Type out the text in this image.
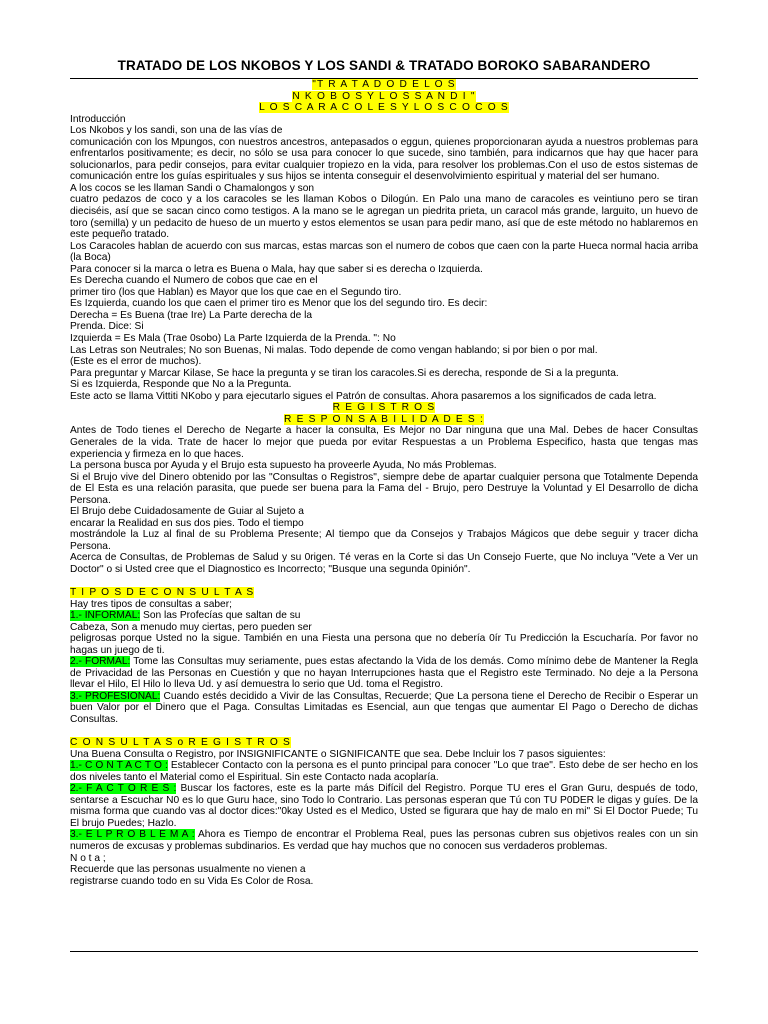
TRATADO DE LOS NKOBOS Y LOS SANDI & TRATADO BOROKO SABARANDERO

"T R A T A D O D E L O S
N K O B O S Y L O S S A N D I "
L O S C A R A C O L E S Y L O S C O C O S

Introducción

Los Nkobos y los sandi, son una de las vías de

comunicación con los Mpungos, con nuestros ancestros, antepasados o eggun, quienes proporcionaran ayuda a nuestros problemas para enfrentarlos positivamente; es decir, no sólo se usa para conocer lo que sucede, sino también, para indicarnos que hay que hacer para solucionarlos, para pedir consejos, para evitar cualquier tropiezo en la vida, para resolver los problemas.Con el uso de estos sistemas de comunicación entre los guías espirituales y sus hijos se intenta conseguir el desenvolvimiento espiritual y material del ser humano.

A los cocos se les llaman Sandi o Chamalongos y son

cuatro pedazos de coco y a los caracoles se les llaman Kobos o Dilogún. En Palo una mano de caracoles es veintiuno pero se tiran dieciséis, así que se sacan cinco como testigos. A la mano se le agregan un piedrita prieta, un caracol más grande, larguito, un huevo de toro (semilla) y un pedacito de hueso de un muerto y estos elementos se usan para pedir mano, así que de este método no hablaremos en este pequeño tratado.

Los Caracoles hablan de acuerdo con sus marcas, estas marcas son el numero de cobos que caen con la parte Hueca normal hacia arriba (la Boca)

Para conocer si la marca o letra es Buena o Mala, hay que saber si es derecha o Izquierda.

Es Derecha cuando el Numero de cobos que cae en el

primer tiro (los que Hablan) es Mayor que los que cae en el Segundo tiro.

Es Izquierda, cuando los que caen el primer tiro es Menor que los del segundo tiro. Es decir:

Derecha = Es Buena (trae Ire) La Parte derecha de la

Prenda. Dice: Si

Izquierda = Es Mala (Trae 0sobo) La Parte Izquierda de la Prenda. ": No

Las Letras son Neutrales; No son Buenas, Ni malas. Todo depende de como vengan hablando; si por bien o por mal.

(Este es el error de muchos).

Para preguntar y Marcar Kilase, Se hace la pregunta y se tiran los caracoles.Si es derecha, responde de Si a la pregunta.

Si es Izquierda, Responde que No a la Pregunta.

Este acto se llama Vittiti NKobo y para ejecutarlo sigues el Patrón de consultas. Ahora pasaremos a los significados de cada letra.

R E G I S T R O S
R E S P O N S A B I L I D A D E S :

Antes de Todo tienes el Derecho de Negarte a hacer la consulta, Es Mejor no Dar ninguna que una Mal. Debes de hacer Consultas Generales de la vida. Trate de hacer lo mejor que pueda por evitar Respuestas a un Problema Especifico, hasta que tengas mas experiencia y firmeza en lo que haces.

La persona busca por Ayuda y el Brujo esta supuesto ha proveerle Ayuda, No más Problemas.

Si el Brujo vive del Dinero obtenido por las "Consultas o Registros", siempre debe de apartar cualquier persona que Totalmente Dependa de El Esta es una relación parasita, que puede ser buena para la Fama del - Brujo, pero Destruye la Voluntad y El Desarrollo de dicha Persona.

El Brujo debe Cuidadosamente de Guiar al Sujeto a

encarar la Realidad en sus dos pies. Todo el tiempo

mostrándole la Luz al final de su Problema Presente; Al tiempo que da Consejos y Trabajos Mágicos que debe seguir y tracer dicha Persona.

Acerca de Consultas, de Problemas de Salud y su 0rigen. Té veras en la Corte si das Un Consejo Fuerte, que No incluya "Vete a Ver un Doctor" o si Usted cree que el Diagnostico es Incorrecto; "Busque una segunda 0pinión".

T I P O S D E C O N S U L T A S

Hay tres tipos de consultas a saber;

1.- INFORMAL: Son las Profecías que saltan de su

Cabeza, Son a menudo muy ciertas, pero pueden ser

peligrosas porque Usted no la sigue. También en una Fiesta una persona que no debería 0ír Tu Predicción la Escucharía. Por favor no hagas un juego de ti.

2.- FORMAL: Tome las Consultas muy seriamente, pues estas afectando la Vida de los demás. Como mínimo debe de Mantener la Regla de Privacidad de las Personas en Cuestión y que no hayan Interrupciones hasta que el Registro este Terminado. No deje a la Persona llevar el Hilo, El Hilo lo lleva Ud. y así demuestra lo serio que Ud. toma el Registro.

3.- PROFESIONAL: Cuando estés decidido a Vivir de las Consultas, Recuerde; Que La persona tiene el Derecho de Recibir o Esperar un buen Valor por el Dinero que el Paga. Consultas Limitadas es Esencial, aun que tengas que aumentar El Pago o Derecho de dichas Consultas.

C O N S U L T A S o R E G I S T R O S

Una Buena Consulta o Registro, por INSIGNIFICANTE o SIGNIFICANTE que sea. Debe Incluir los 7 pasos siguientes:

1.- C O N T A C T O : Establecer Contacto con la persona es el punto principal para conocer "Lo que trae". Esto debe de ser hecho en los dos niveles tanto el Material como el Espiritual. Sin este Contacto nada acoplaría.

2.- F A C T O R E S : Buscar los factores, este es la parte más Difícil del Registro. Porque TU eres el Gran Guru, después de todo, sentarse a Escuchar N0 es lo que Guru hace, sino Todo lo Contrario. Las personas esperan que Tú con TU P0DER le digas y guíes. De la misma forma que cuando vas al doctor dices:"0kay Usted es el Medico, Usted se figurara que hay de malo en mi" Si El Doctor Puede; Tu El brujo Puedes; Hazlo.

3.- E L P R O B L E M A : Ahora es Tiempo de encontrar el Problema Real, pues las personas cubren sus objetivos reales con un sin numeros de excusas y problemas subdinarios. Es verdad que hay muchos que no conocen sus verdaderos problemas.

N o t a ;

Recuerde que las personas usualmente no vienen a

registrarse cuando todo en su Vida Es Color de Rosa.
